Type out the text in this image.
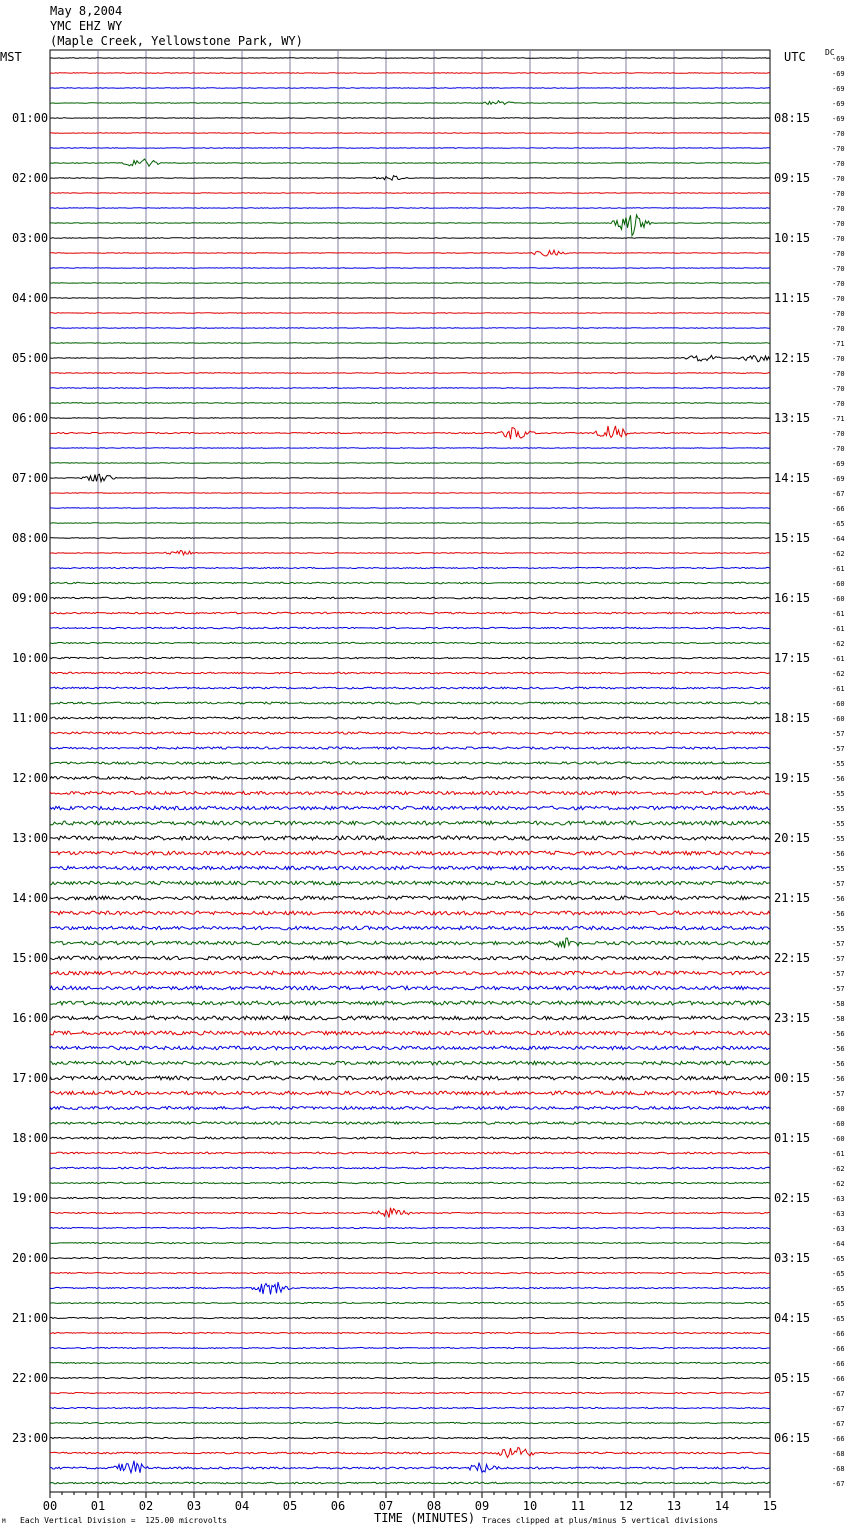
May 8,2004
YMC EHZ WY
(Maple Creek, Yellowstone Park, WY)
MST	UTC DC
-69
-69
-69
-69
-69
-70
-70
-70
-70
-70
-70
-70
-70
-70
-70
-70
-70
-70
-70
-71
-70
-70
-70
-70
-71
-70
-70
-69
-69
-67
-66
-65
-64
-62
-61
-60
-60
-61
-61
-62
-61
-62
-61
-60
-60
-57
-57
-55
-56
-55
-55
-55
-55
-56
-55
-57
-56
-56
-55
-57
-57
-57
-57
-58
-58
-56
-56
-56
-56
-57
-60
-60
-60
-61
-62
-62
-63
-63
-63
-64
-65
-65
-65
-65
-65
-66
-66
-66
-66
-67
-67
-67
-66
-68
-68
-67
01:00
02:00
03:00
04:00
05:00
06:00
07:00
08:00
09:00
10:00
11:00
12:00
13:00
14:00
15:00
16:00
17:00
18:00
19:00
20:00
21:00
22:00
23:00
08:15
09:15
10:15
11:15
12:15
13:15
14:15
15:15
16:15
17:15
18:15
19:15
20:15
21:15
22:15
23:15
00:15
01:15
02:15
03:15
04:15
05:15
06:15
00	01	02	03	04	05	06	07	08	09	10	11	12	13	14	15
TIME (MINUTES)
Each Vertical Division =  125.00 microvolts	Traces clipped at plus/minus 5 vertical divisions
M
